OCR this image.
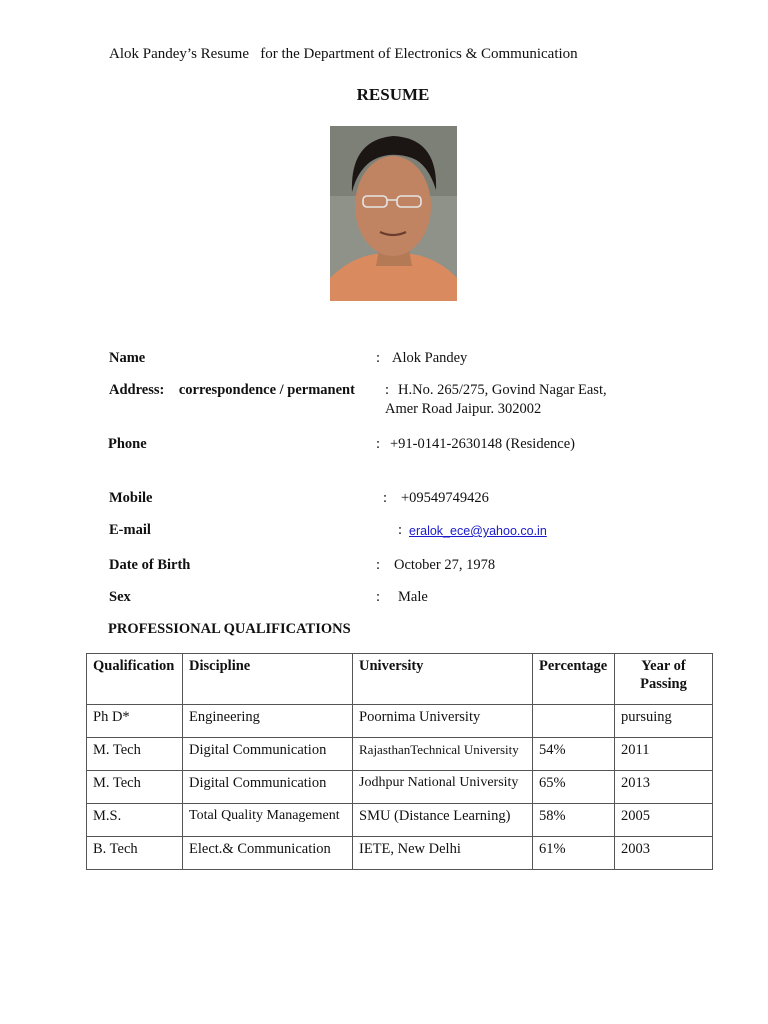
Alok Pandey’s Resume   for the Department of Electronics & Communication
RESUME
Name	: Alok Pandey
Address:    correspondence / permanent : H.No. 265/275, Govind Nagar East,
Amer Road Jaipur. 302002
Phone	: +91-0141-2630148 (Residence)
Mobile	: +09549749426
E-mail	: eralok_ece@yahoo.co.in
Date of Birth	: October 27, 1978
Sex	: Male
PROFESSIONAL QUALIFICATIONS
Qualification	Discipline	University	Percentage	Year of Passing
Ph D*	Engineering	Poornima University		pursuing
M. Tech	Digital Communication	RajasthanTechnical University	54%	2011
M. Tech	Digital Communication	Jodhpur National University	65%	2013
M.S.	Total Quality Management	SMU (Distance Learning)	58%	2005
B. Tech	Elect.& Communication	IETE, New Delhi	61%	2003
